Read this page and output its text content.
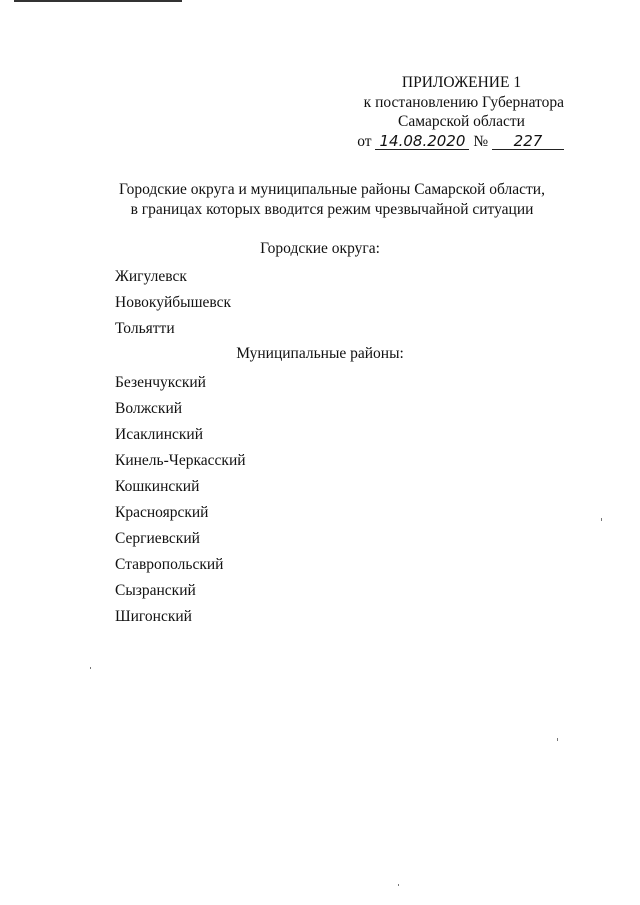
ПРИЛОЖЕНИЕ 1
к постановлению Губернатора
Самарской области
от 14.08.2020 № 227
Городские округа и муниципальные районы Самарской области,
в границах которых вводится режим чрезвычайной ситуации
Городские округа:
Жигулевск
Новокуйбышевск
Тольятти
Муниципальные районы:
Безенчукский
Волжский
Исаклинский
Кинель-Черкасский
Кошкинский
Красноярский
Сергиевский
Ставропольский
Сызранский
Шигонский
